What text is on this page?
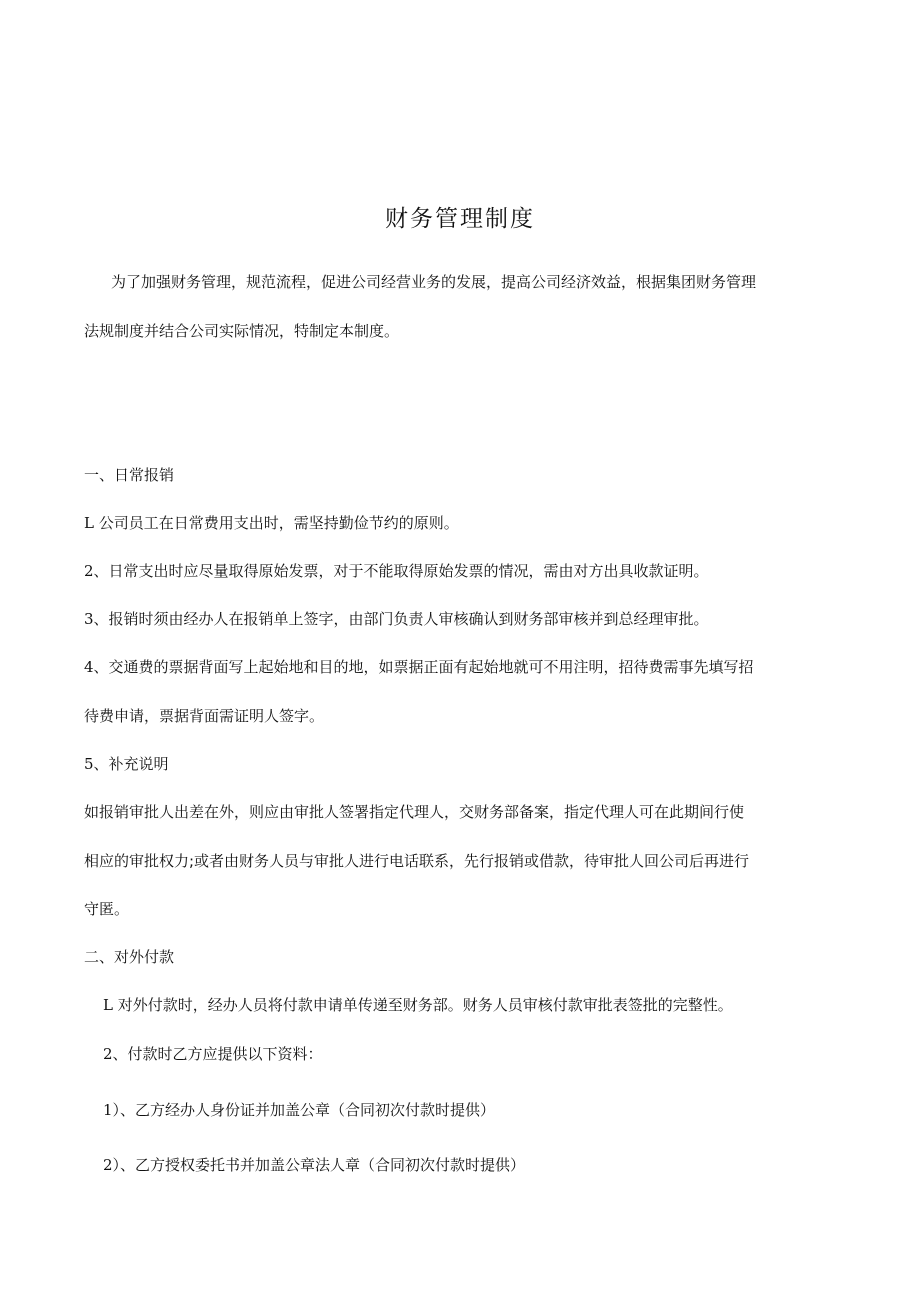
财务管理制度
为了加强财务管理，规范流程，促进公司经营业务的发展，提高公司经济效益，根据集团财务管理
法规制度并结合公司实际情况，特制定本制度。
一、日常报销
L 公司员工在日常费用支出时，需坚持勤俭节约的原则。
2、日常支出时应尽量取得原始发票，对于不能取得原始发票的情况，需由对方出具收款证明。
3、报销时须由经办人在报销单上签字，由部门负责人审核确认到财务部审核并到总经理审批。
4、交通费的票据背面写上起始地和目的地，如票据正面有起始地就可不用注明，招待费需事先填写招
待费申请，票据背面需证明人签字。
5、补充说明
如报销审批人出差在外，则应由审批人签署指定代理人，交财务部备案，指定代理人可在此期间行使
相应的审批权力;或者由财务人员与审批人进行电话联系，先行报销或借款，待审批人回公司后再进行
守匿。
二、对外付款
L 对外付款时，经办人员将付款申请单传递至财务部。财务人员审核付款审批表签批的完整性。
2、付款时乙方应提供以下资料：
1）、乙方经办人身份证并加盖公章（合同初次付款时提供）
2）、乙方授权委托书并加盖公章法人章（合同初次付款时提供）
